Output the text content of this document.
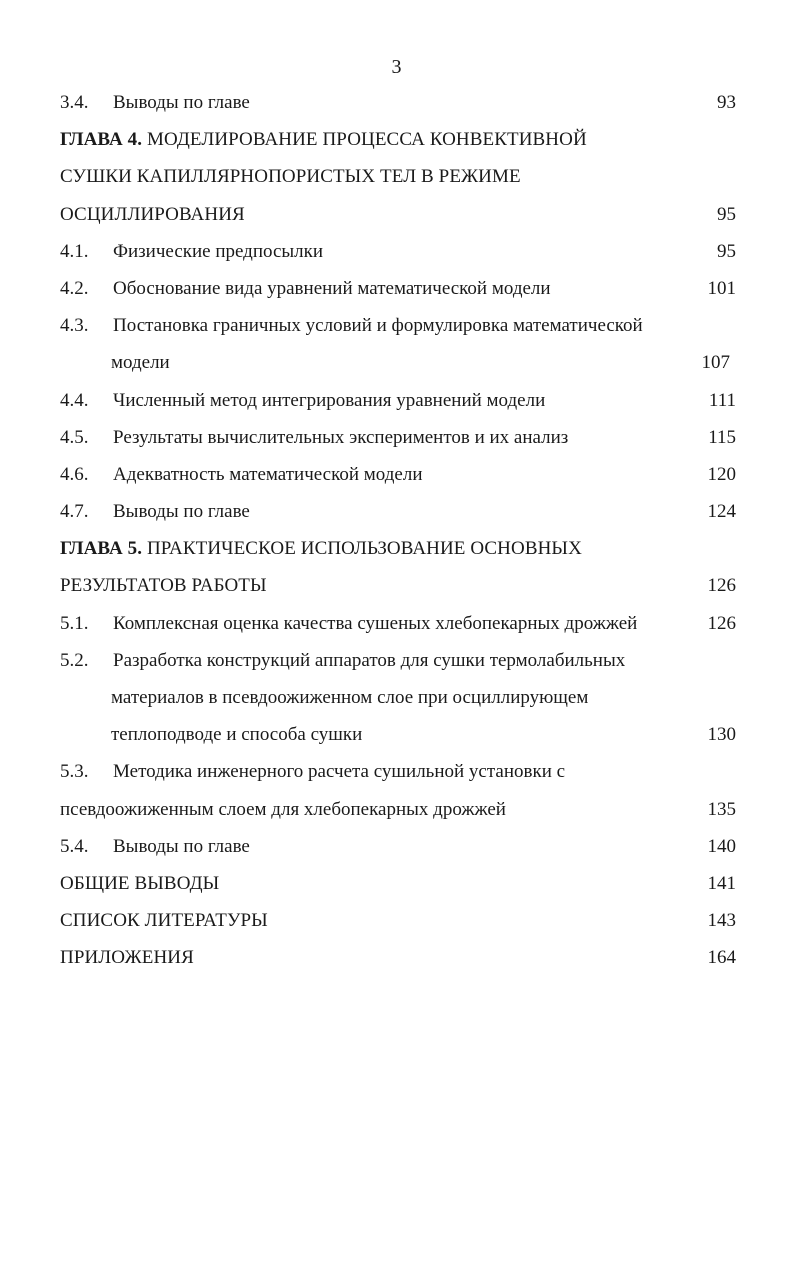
3
3.4. Выводы по главе	93
ГЛАВА 4. МОДЕЛИРОВАНИЕ ПРОЦЕССА КОНВЕКТИВНОЙ
СУШКИ КАПИЛЛЯРНОПОРИСТЫХ ТЕЛ В РЕЖИМЕ
ОСЦИЛЛИРОВАНИЯ	95
4.1. Физические предпосылки	95
4.2. Обоснование вида уравнений математической модели	101
4.3. Постановка граничных условий и формулировка математической
модели	107
4.4. Численный метод интегрирования уравнений модели	111
4.5. Результаты вычислительных экспериментов и их анализ	115
4.6. Адекватность математической модели	120
4.7. Выводы по главе	124
ГЛАВА 5. ПРАКТИЧЕСКОЕ ИСПОЛЬЗОВАНИЕ ОСНОВНЫХ
РЕЗУЛЬТАТОВ РАБОТЫ	126
5.1. Комплексная оценка качества сушеных хлебопекарных дрожжей	126
5.2. Разработка конструкций аппаратов для сушки термолабильных
материалов в псевдоожиженном слое при осциллирующем
теплоподводе и способа сушки	130
5.3. Методика инженерного расчета сушильной установки с
псевдоожиженным слоем для хлебопекарных дрожжей	135
5.4. Выводы по главе	140
ОБЩИЕ ВЫВОДЫ	141
СПИСОК ЛИТЕРАТУРЫ	143
ПРИЛОЖЕНИЯ	164
